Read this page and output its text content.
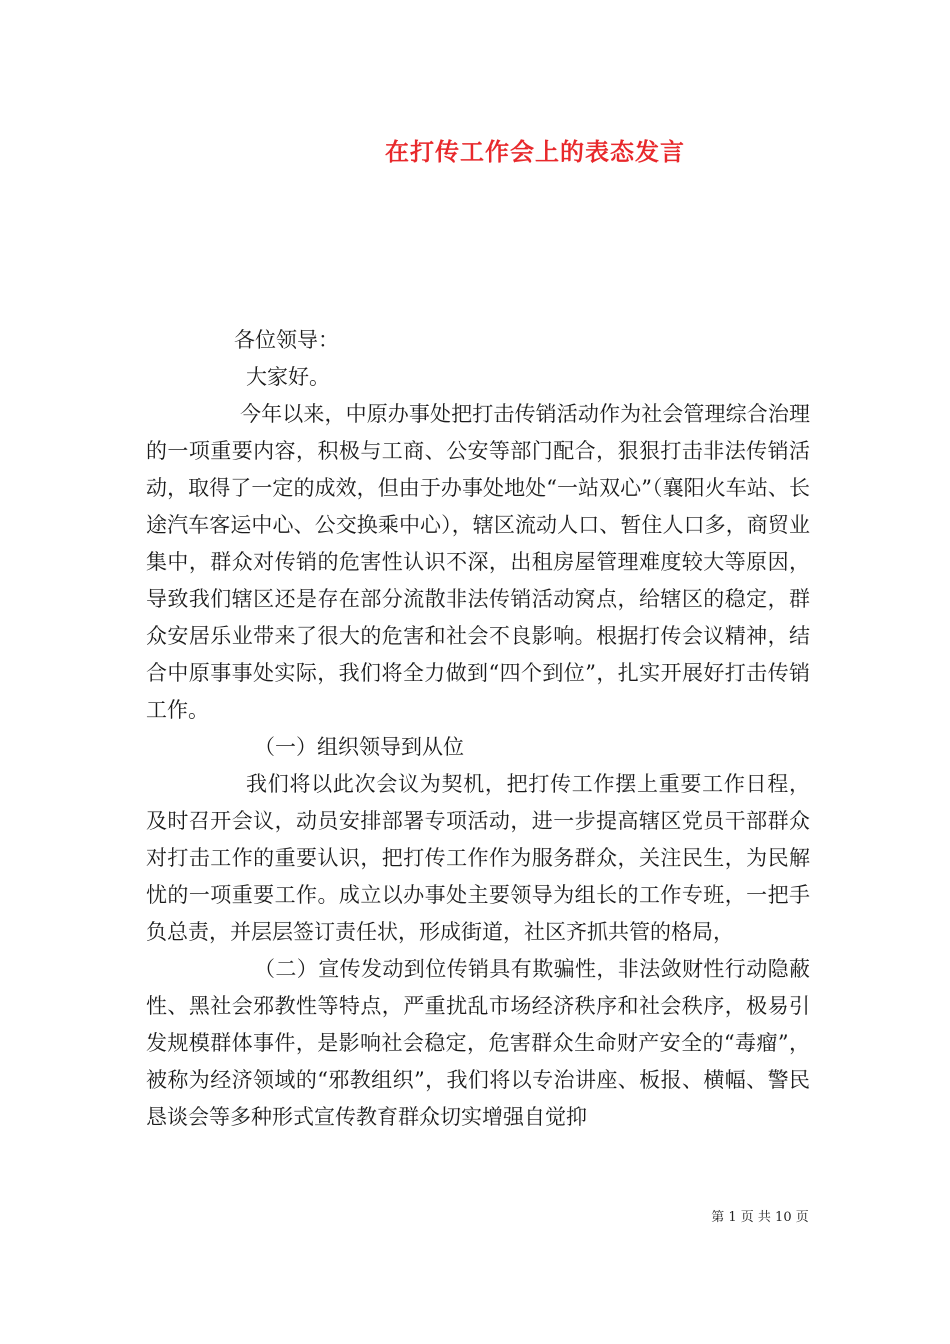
在打传工作会上的表态发言

各位领导：

大家好。

今年以来，中原办事处把打击传销活动作为社会管理综合治理的一项重要内容，积极与工商、公安等部门配合，狠狠打击非法传销活动，取得了一定的成效，但由于办事处地处“一站双心”（襄阳火车站、长途汽车客运中心、公交换乘中心），辖区流动人口、暂住人口多，商贸业集中，群众对传销的危害性认识不深，出租房屋管理难度较大等原因，导致我们辖区还是存在部分流散非法传销活动窝点，给辖区的稳定，群众安居乐业带来了很大的危害和社会不良影响。根据打传会议精神，结合中原事事处实际，我们将全力做到“四个到位”，扎实开展好打击传销工作。

（一）组织领导到从位

我们将以此次会议为契机，把打传工作摆上重要工作日程，及时召开会议，动员安排部署专项活动，进一步提高辖区党员干部群众对打击工作的重要认识，把打传工作作为服务群众，关注民生，为民解忧的一项重要工作。成立以办事处主要领导为组长的工作专班，一把手负总责，并层层签订责任状，形成街道，社区齐抓共管的格局，

（二）宣传发动到位传销具有欺骗性，非法敛财性行动隐蔽性、黑社会邪教性等特点，严重扰乱市场经济秩序和社会秩序，极易引发规模群体事件，是影响社会稳定，危害群众生命财产安全的“毒瘤”，被称为经济领域的“邪教组织”，我们将以专治讲座、板报、横幅、警民恳谈会等多种形式宣传教育群众切实增强自觉抑

第 1 页 共 10 页
